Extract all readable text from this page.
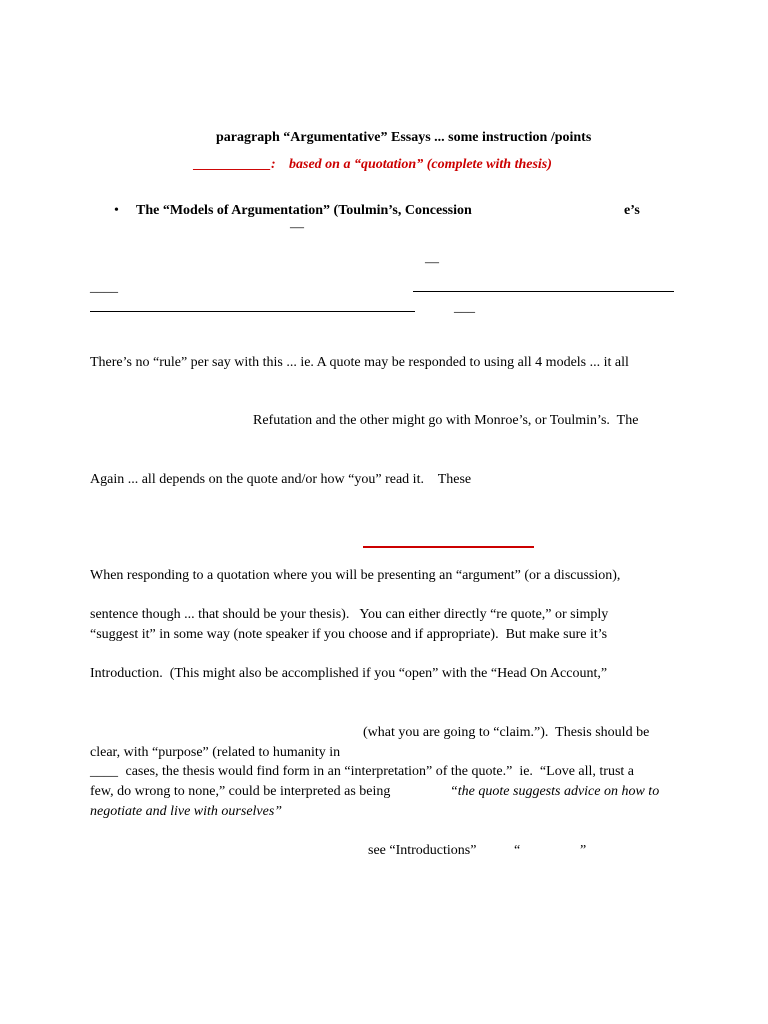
paragraph “Argumentative” Essays ... some instruction /points
___________: based on a “quotation” (complete with thesis)
• The “Models of Argumentation” (Toulmin’s, Concession	e’s
—
—
____
___
There’s no “rule” per say with this ... ie. A quote may be responded to using all 4 models ... it all
Refutation and the other might go with Monroe’s, or Toulmin’s.  The
Again ... all depends on the quote and/or how “you” read it.    These
When responding to a quotation where you will be presenting an “argument” (or a discussion),
sentence though ... that should be your thesis).   You can either directly “re quote,” or simply
“suggest it” in some way (note speaker if you choose and if appropriate).  But make sure it’s
Introduction.  (This might also be accomplished if you “open” with the “Head On Account,”
(what you are going to “claim.”).  Thesis should be
clear, with “purpose” (related to humanity in
____ cases, the thesis would find form in an “interpretation” of the quote.”  ie.  “Love all, trust a
few, do wrong to none,” could be interpreted as being	“the quote suggests advice on how to
negotiate and live with ourselves”
see “Introductions”	“	”
